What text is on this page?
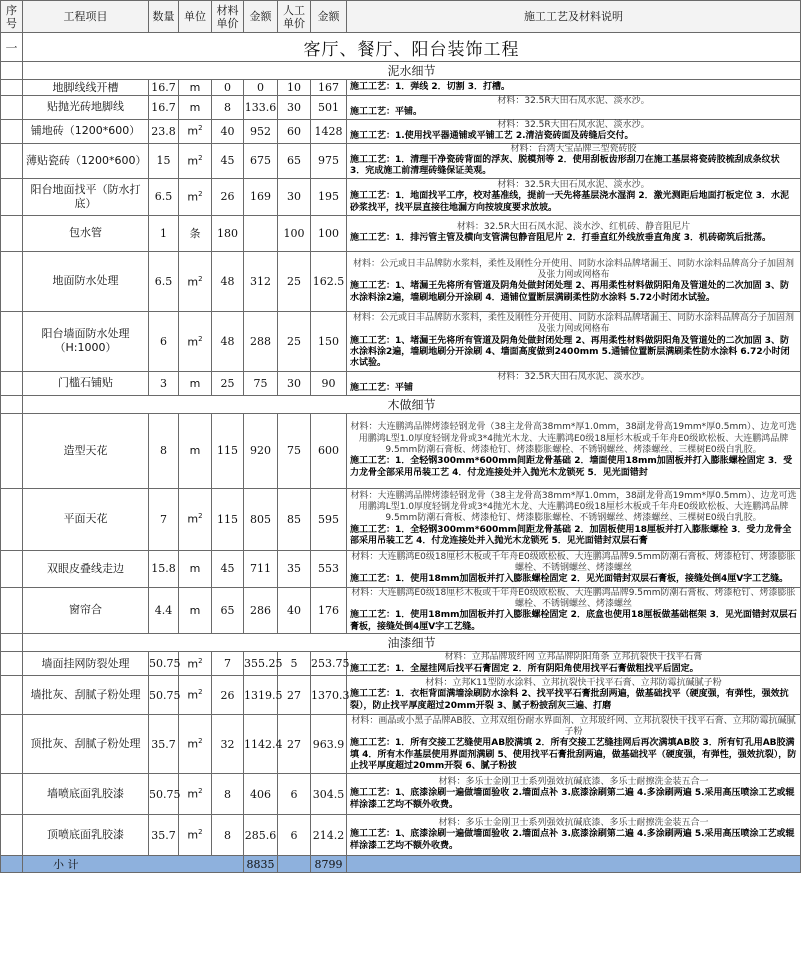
序号	工程项目	数量	单位	材料单价	金额	人工单价	金额	施工工艺及材料说明
一	客厅、餐厅、阳台装饰工程							
	泥水细节							
	地脚线线开槽	16.7	m	0	0	10	167	施工工艺：1．弹线 2．切割 3．打槽。

	贴抛光砖地脚线	16.7	m	8	133.6	30	501	材料：32.5R大田石凤水泥、淡水沙。
施工工艺：平铺。

	铺地砖（1200*600）	23.8	$m^2$	40	952	60	1428	材料：32.5R大田石凤水泥、淡水沙。
施工工艺：1.使用找平器通铺或平铺工艺 2.清洁瓷砖面及砖缝后交付。

	薄贴瓷砖（1200*600）	15	$m^2$	45	675	65	975	材料：台湾大宝品牌三型瓷砖胶
施工工艺：1．清理干净瓷砖背面的浮灰、脱模剂等 2．使用刮板齿形刮刀在施工基层将瓷砖胶梳刮成条纹状 3．完成施工前清理砖缝保证美观。

	阳台地面找平（防水打底）	6.5	$m^2$	26	169	30	195	材料：32.5R大田石凤水泥、淡水沙。
施工工艺：1．地面找平工序，校对基准线，提前一天先将基层浇水湿润 2．激光测距后地面打板定位 3．水泥砂浆找平，找平层直接往地漏方向按坡度要求放坡。

	包水管	1	条	180		100	100	材料：32.5R大田石凤水泥、淡水沙、红机砖、静音阻尼片
施工工艺：1．排污管主管及横向支管满包静音阻尼片 2．打垂直红外线放垂直角度 3．机砖砌筑后批荡。

	地面防水处理	6.5	$m^2$	48	312	25	162.5	材料：公元或日丰品牌防水浆料，柔性及刚性分开使用、同防水涂料品牌堵漏王、同防水涂料品牌高分子加固剂及张力网或网格布
施工工艺：1、堵漏王先将所有管道及阴角处做封闭处理 2、再用柔性材料做阴阳角及管道处的二次加固 3、防水涂料涂2遍，墙刷地刷分开涂刷 4．通铺位置断层满刷柔性防水涂料 5.72小时闭水试验。

	阳台墙面防水处理（H:1000）	6	$m^2$	48	288	25	150	材料：公元或日丰品牌防水浆料，柔性及刚性分开使用、同防水涂料品牌堵漏王、同防水涂料品牌高分子加固剂及张力网或网格布
施工工艺：1、堵漏王先将所有管道及阴角处做封闭处理 2、再用柔性材料做阴阳角及管道处的二次加固 3、防水涂料涂2遍，墙刷地刷分开涂刷 4、墙面高度做到2400mm 5.通铺位置断层满刷柔性防水涂料 6.72小时闭水试验。

	门槛石铺贴	3	m	25	75	30	90	材料：32.5R大田石凤水泥、淡水沙。
施工工艺：平铺

	木做细节							
	造型天花	8	m	115	920	75	600	材料：大连鹏鸿品牌烤漆轻钢龙骨（38主龙骨高38mm*厚1.0mm，38副龙骨高19mm*厚0.5mm）、边龙可选用鹏鸿L型1.0厚度轻钢龙骨或3*4抛光木龙、大连鹏鸿E0级18厘杉木板或千年舟E0级欧松板、大连鹏鸿品牌9.5mm防潮石膏板、烤漆枪钉、烤漆膨胀螺栓、不锈钢螺丝、烤漆螺丝、三棵树E0级白乳胶。
施工工艺：1．全轻钢300mm*600mm间距龙骨基础 2．墙面使用18mm加固板并打入膨胀螺栓固定 3．受力龙骨全部采用吊装工艺 4．付龙连接处并入抛光木龙锁死 5．见光面错封

	平面天花	7	$m^2$	115	805	85	595	材料：大连鹏鸿品牌烤漆轻钢龙骨（38主龙骨高38mm*厚1.0mm，38副龙骨高19mm*厚0.5mm）、边龙可选用鹏鸿L型1.0厚度轻钢龙骨或3*4抛光木龙、大连鹏鸿E0级18厘杉木板或千年舟E0级欧松板、大连鹏鸿品牌9.5mm防潮石膏板、烤漆枪钉、烤漆膨胀螺栓、不锈钢螺丝、烤漆螺丝、三棵树E0级白乳胶。
施工工艺：1．全轻钢300mm*600mm间距龙骨基础 2．加固板使用18厘板并打入膨胀螺栓 3．受力龙骨全部采用吊装工艺 4．付龙连接处并入抛光木龙锁死 5．见光面错封双层石膏

	双眼皮叠线走边	15.8	m	45	711	35	553	材料：大连鹏鸿E0级18厘杉木板或千年舟E0级欧松板、大连鹏鸿品牌9.5mm防潮石膏板、烤漆枪钉、烤漆膨胀螺栓、不锈钢螺丝、烤漆螺丝
施工工艺：1．使用18mm加固板并打入膨胀螺栓固定 2．见光面错封双层石膏板，接缝处倒4厘V字工艺缝。

	窗帘合	4.4	m	65	286	40	176	材料：大连鹏鸿E0级18厘杉木板或千年舟E0级欧松板、大连鹏鸿品牌9.5mm防潮石膏板、烤漆枪钉、烤漆膨胀螺栓、不锈钢螺丝、烤漆螺丝
施工工艺：1．使用18mm加固板并打入膨胀螺栓固定 2．底盒也使用18厘板做基础框架 3．见光面错封双层石膏板，接缝处倒4厘V字工艺缝。

	油漆细节							
	墙面挂网防裂处理	50.75	$m^2$	7	355.25	5	253.75	材料：立邦品牌玻纤网 立邦品牌阴阳角条 立邦抗裂快干找平石膏
施工工艺：1．全屋挂网后找平石膏固定 2．所有阴阳角使用找平石膏做粗找平后固定。

	墙批灰、刮腻子粉处理	50.75	$m^2$	26	1319.5	27	1370.3	材料：立邦K11型防水涂料、立邦抗裂快干找平石膏、立邦防霉抗碱腻子粉
施工工艺：1．衣柜背面满墙涂刷防水涂料 2、找平找平石膏批刮两遍，做基础找平（硬度强，有弹性，强效抗裂），防止找平厚度超过20mm开裂 3、腻子粉披刮灰三遍、打磨

	顶批灰、刮腻子粉处理	35.7	$m^2$	32	1142.4	27	963.9	材料：画晶或小黑子品牌AB胶、立邦双组份耐水界面剂、立邦玻纤网、立邦抗裂快干找平石膏、立邦防霉抗碱腻子粉
施工工艺：1．所有交接工艺缝使用AB胶满填 2．所有交接工艺缝挂网后再次满填AB胶 3．所有钉孔用AB胶满填 4．所有木作基层使用界面剂满刷 5、使用找平石膏批刮两遍，做基础找平（硬度强，有弹性，强效抗裂），防止找平厚度超过20mm开裂 6、腻子粉披

	墙喷底面乳胶漆	50.75	$m^2$	8	406	6	304.5	材料：多乐士金刚卫士系列强效抗碱底漆、多乐士耐擦洗金装五合一
施工工艺：1、底漆涂刷一遍做墙面验收 2.墙面点补 3.底漆涂刷第二遍 4.多涂刷两遍 5.采用高压喷涂工艺或辊样涂漆工艺均不额外收费。

	顶喷底面乳胶漆	35.7	$m^2$	8	285.6	6	214.2	材料：多乐士金刚卫士系列强效抗碱底漆、多乐士耐擦洗金装五合一
施工工艺：1、底漆涂刷一遍做墙面验收 2.墙面点补 3.底漆涂刷第二遍 4.多涂刷两遍 5.采用高压喷涂工艺或辊样涂漆工艺均不额外收费。

	小 计				8835		8799	
